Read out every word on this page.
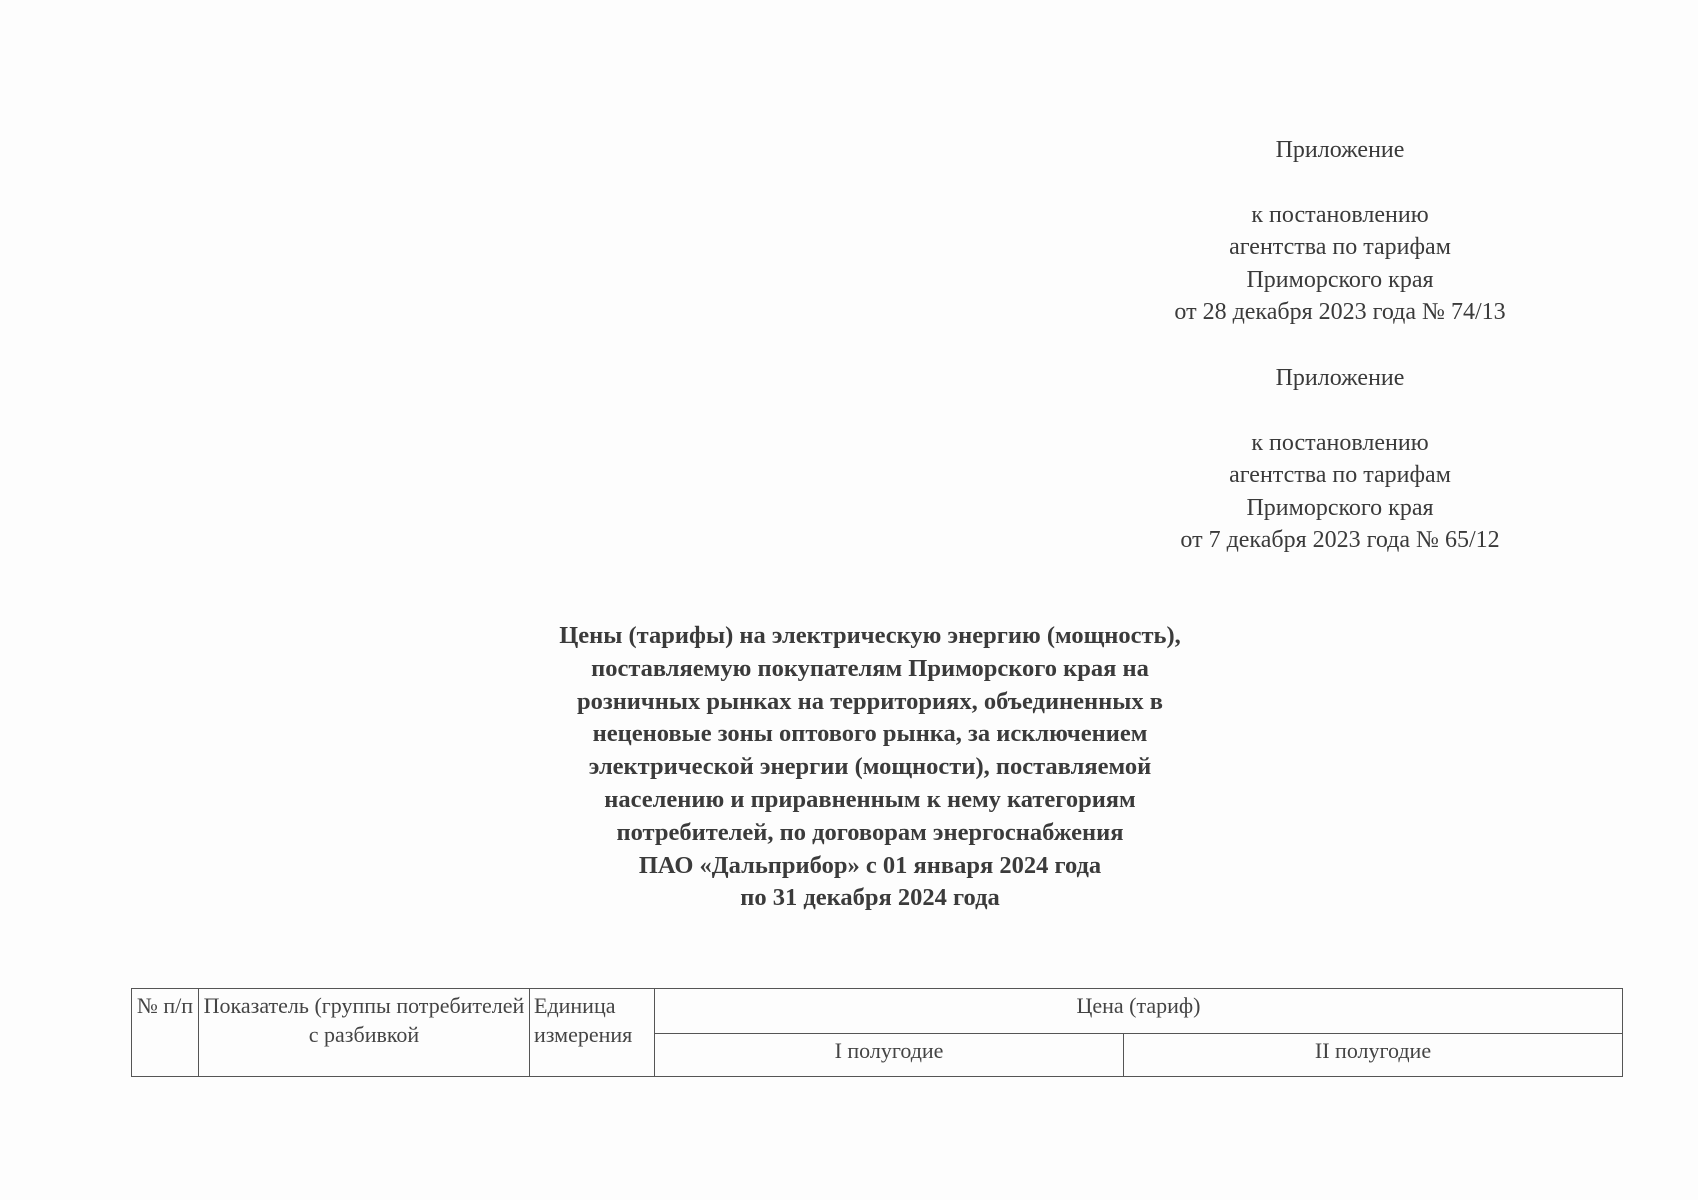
Приложение
к постановлению
агентства по тарифам
Приморского края
от 28 декабря 2023 года № 74/13
Приложение
к постановлению
агентства по тарифам
Приморского края
от 7 декабря 2023 года № 65/12
Цены (тарифы) на электрическую энергию (мощность),
поставляемую покупателям Приморского края на
розничных рынках на территориях, объединенных в
неценовые зоны оптового рынка, за исключением
электрической энергии (мощности), поставляемой
населению и приравненным к нему категориям
потребителей, по договорам энергоснабжения
ПАО «Дальприбор» с 01 января 2024 года
по 31 декабря 2024 года
№ п/п	Показатель (группы потребителей с разбивкой	Единица измерения	Цена (тариф)	
			I полугодие	II полугодие
